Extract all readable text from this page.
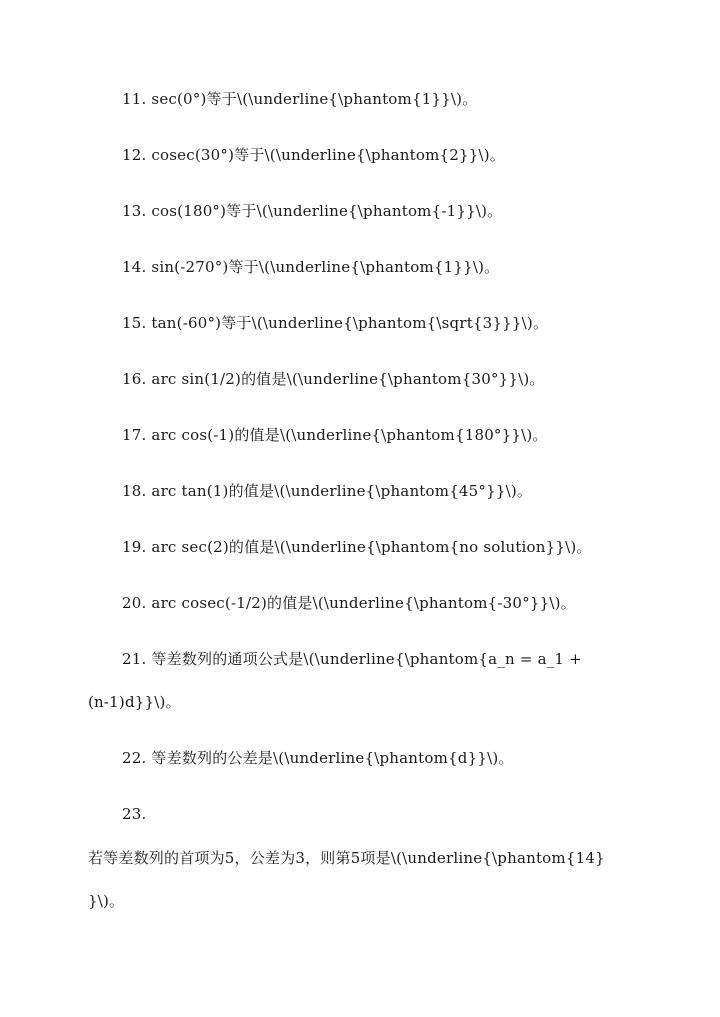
11. sec(0°)等于\(\underline{\phantom{1}}\)。
12. cosec(30°)等于\(\underline{\phantom{2}}\)。
13. cos(180°)等于\(\underline{\phantom{-1}}\)。
14. sin(-270°)等于\(\underline{\phantom{1}}\)。
15. tan(-60°)等于\(\underline{\phantom{\sqrt{3}}}\)。
16. arc sin(1/2)的值是\(\underline{\phantom{30°}}\)。
17. arc cos(-1)的值是\(\underline{\phantom{180°}}\)。
18. arc tan(1)的值是\(\underline{\phantom{45°}}\)。
19. arc sec(2)的值是\(\underline{\phantom{no solution}}\)。
20. arc cosec(-1/2)的值是\(\underline{\phantom{-30°}}\)。
21. 等差数列的通项公式是\(\underline{\phantom{a_n = a_1 +
(n-1)d}}\)。
22. 等差数列的公差是\(\underline{\phantom{d}}\)。
23.
若等差数列的首项为5，公差为3，则第5项是\(\underline{\phantom{14}
}\)。
